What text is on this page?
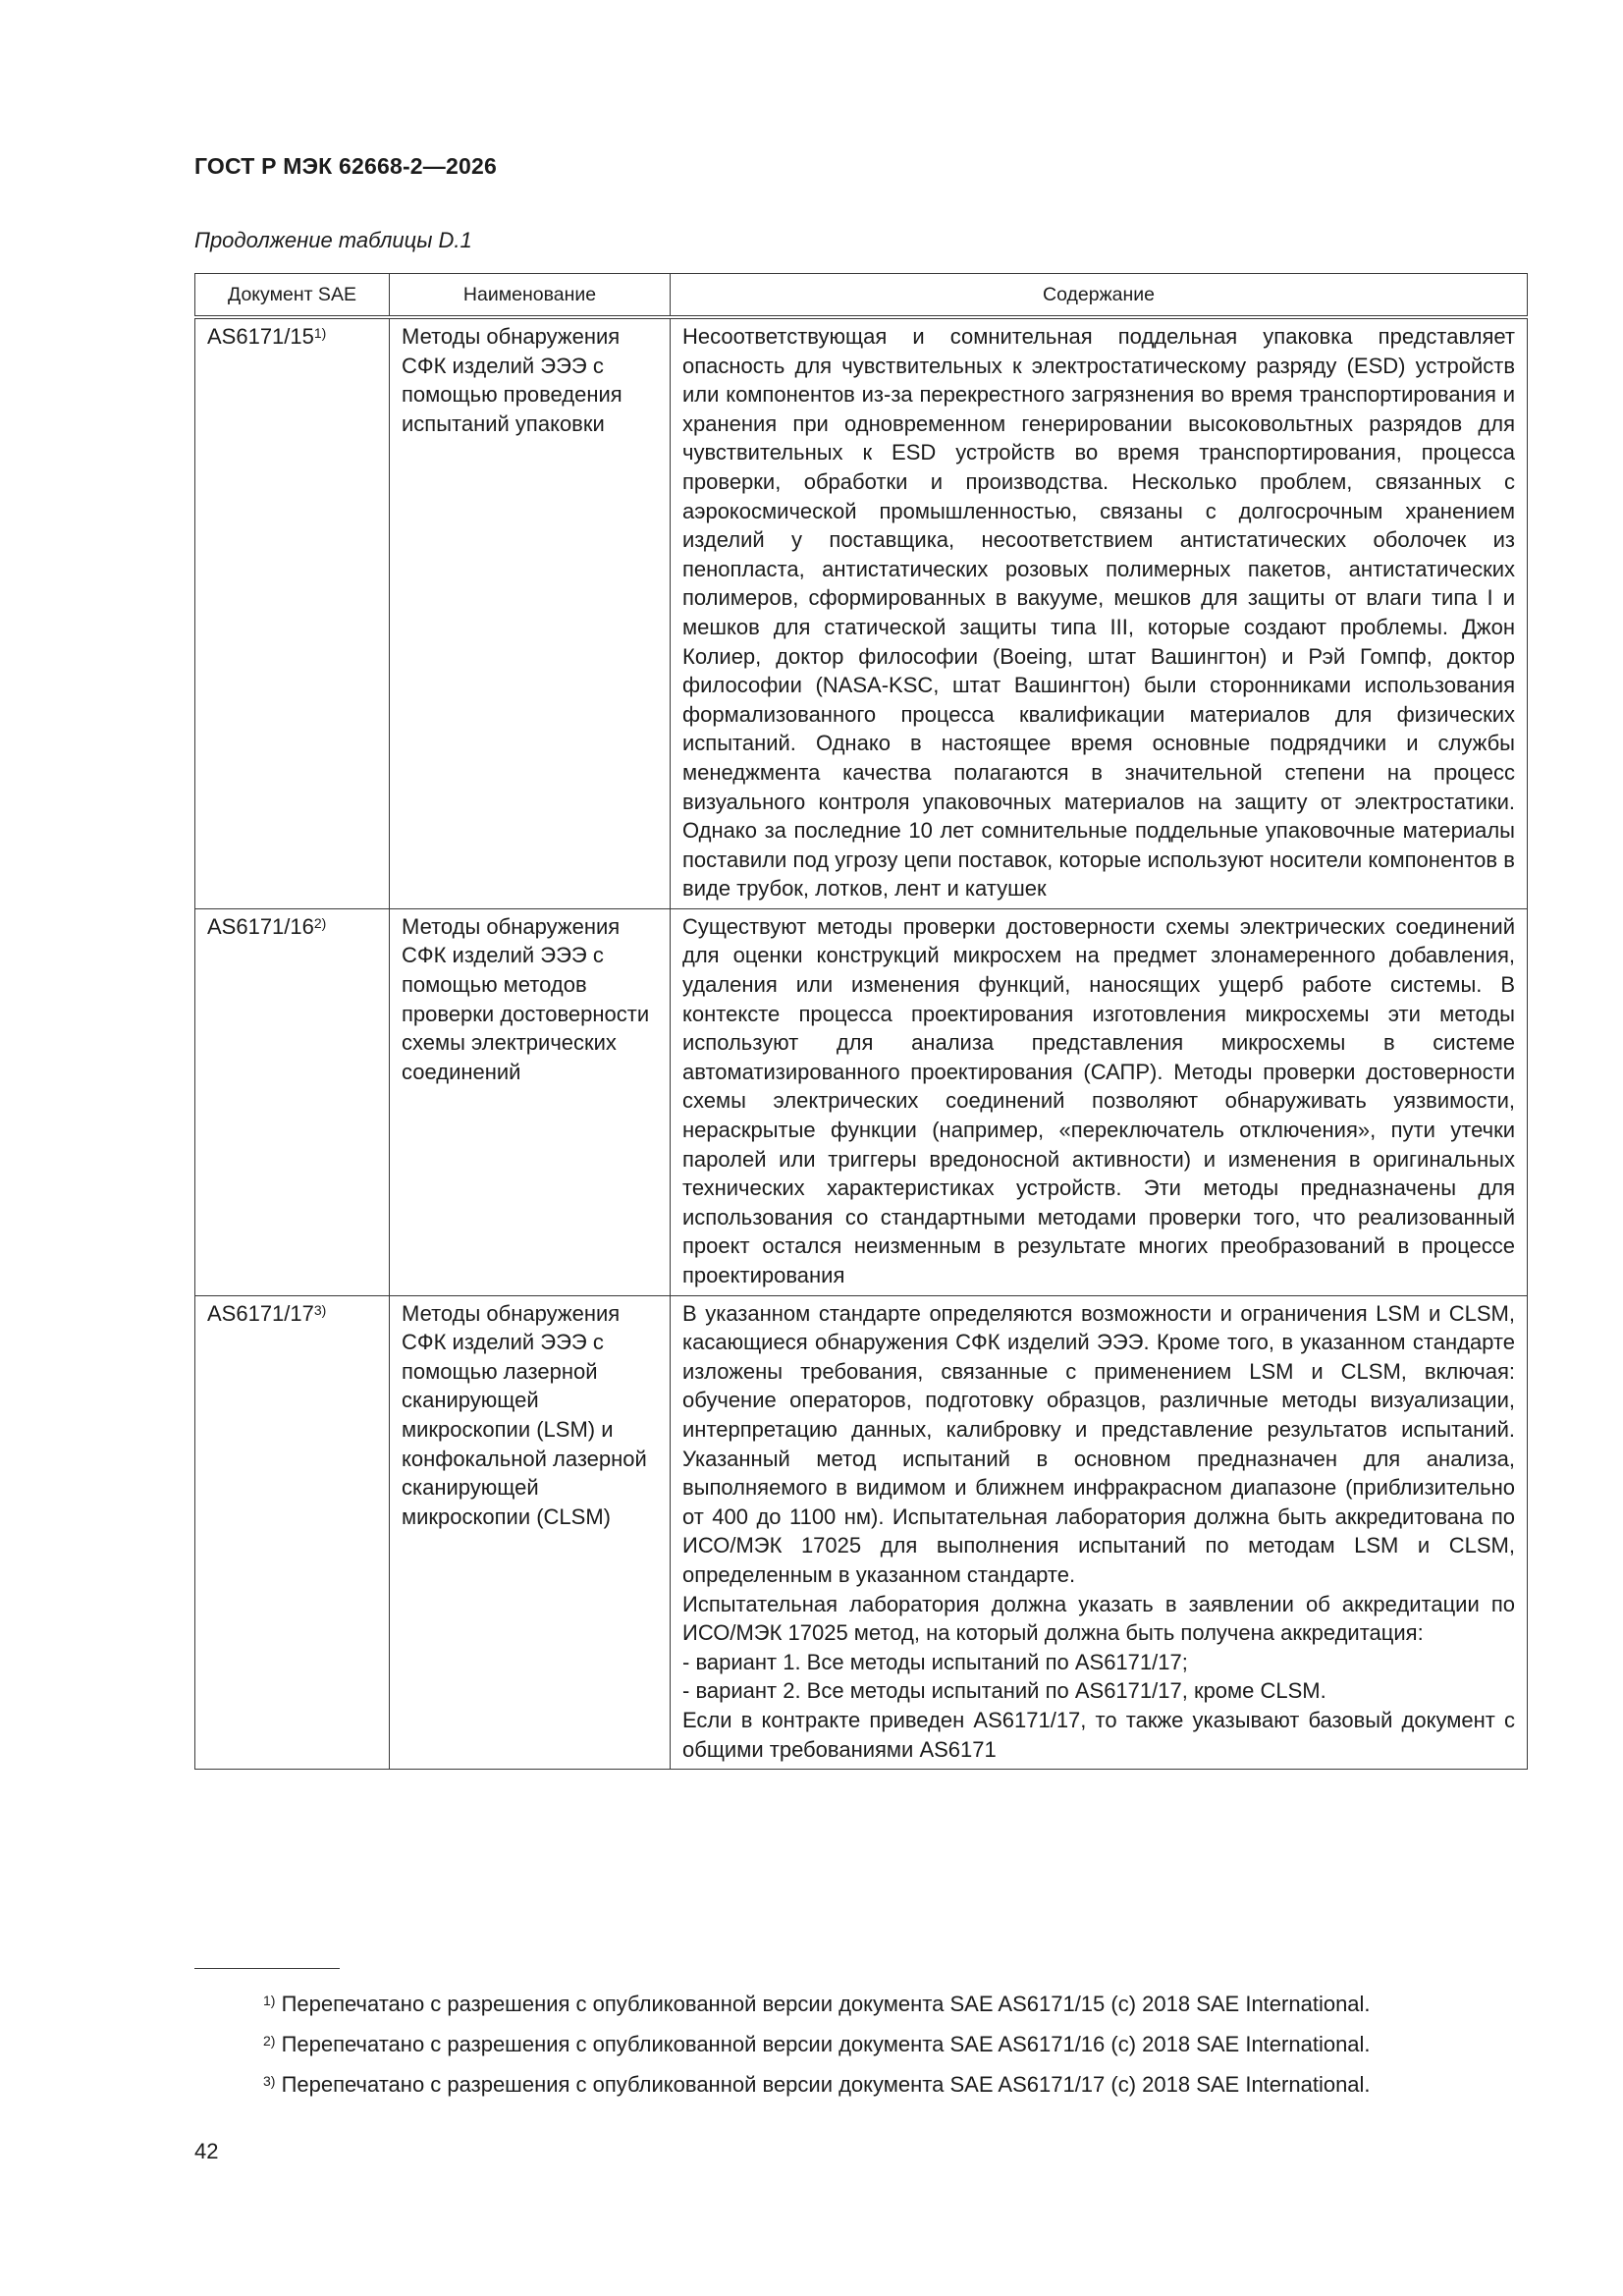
ГОСТ Р МЭК 62668-2—2026
Продолжение таблицы D.1
Документ SAE	Наименование	Содержание
AS6171/15$^{1)}$	Методы обнаружения СФК изделий ЭЭЭ с помощью проведения испытаний упаковки	Несоответствующая и сомнительная поддельная упаковка представляет опасность для чувствительных к электростатическому разряду (ESD) устройств или компонентов из-за перекрестного загрязнения во время транспортирования и хранения при одновременном генерировании высоковольтных разрядов для чувствительных к ESD устройств во время транспортирования, процесса проверки, обработки и производства. Несколько проблем, связанных с аэрокосмической промышленностью, связаны с долгосрочным хранением изделий у поставщика, несоответствием антистатических оболочек из пенопласта, антистатических розовых полимерных пакетов, антистатических полимеров, сформированных в вакууме, мешков для защиты от влаги типа I и мешков для статической защиты типа III, которые создают проблемы. Джон Колиер, доктор философии (Boeing, штат Вашингтон) и Рэй Гомпф, доктор философии (NASA-KSC, штат Вашингтон) были сторонниками использования формализованного процесса квалификации материалов для физических испытаний. Однако в настоящее время основные подрядчики и службы менеджмента качества полагаются в значительной степени на процесс визуального контроля упаковочных материалов на защиту от электростатики. Однако за последние 10 лет сомнительные поддельные упаковочные материалы поставили под угрозу цепи поставок, которые используют носители компонентов в виде трубок, лотков, лент и катушек

AS6171/16$^{2)}$	Методы обнаружения СФК изделий ЭЭЭ с помощью методов проверки достоверности схемы электрических соединений	Существуют методы проверки достоверности схемы электрических соединений для оценки конструкций микросхем на предмет злонамеренного добавления, удаления или изменения функций, наносящих ущерб работе системы. В контексте процесса проектирования изготовления микросхемы эти методы используют для анализа представления микросхемы в системе автоматизированного проектирования (САПР). Методы проверки достоверности схемы электрических соединений позволяют обнаруживать уязвимости, нераскрытые функции (например, «переключатель отключения», пути утечки паролей или триггеры вредоносной активности) и изменения в оригинальных технических характеристиках устройств. Эти методы предназначены для использования со стандартными методами проверки того, что реализованный проект остался неизменным в результате многих преобразований в процессе проектирования

AS6171/17$^{3)}$	Методы обнаружения СФК изделий ЭЭЭ с помощью лазерной сканирующей микроскопии (LSM) и конфокальной лазерной сканирующей микроскопии (CLSM)	В указанном стандарте определяются возможности и ограничения LSM и CLSM, касающиеся обнаружения СФК изделий ЭЭЭ. Кроме того, в указанном стандарте изложены требования, связанные с применением LSM и CLSM, включая: обучение операторов, подготовку образцов, различные методы визуализации, интерпретацию данных, калибровку и представление результатов испытаний. Указанный метод испытаний в основном предназначен для анализа, выполняемого в видимом и ближнем инфракрасном диапазоне (приблизительно от 400 до 1100 нм). Испытательная лаборатория должна быть аккредитована по ИСО/МЭК 17025 для выполнения испытаний по методам LSM и CLSM, определенным в указанном стандарте.
Испытательная лаборатория должна указать в заявлении об аккредитации по ИСО/МЭК 17025 метод, на который должна быть получена аккредитация:
- вариант 1. Все методы испытаний по AS6171/17;
- вариант 2. Все методы испытаний по AS6171/17, кроме CLSM.
Если в контракте приведен AS6171/17, то также указывают базовый документ с общими требованиями AS6171
$^{1)}$ Перепечатано с разрешения с опубликованной версии документа SAE AS6171/15 (c) 2018 SAE International.
$^{2)}$ Перепечатано с разрешения с опубликованной версии документа SAE AS6171/16 (c) 2018 SAE International.
$^{3)}$ Перепечатано с разрешения с опубликованной версии документа SAE AS6171/17 (c) 2018 SAE International.
42
